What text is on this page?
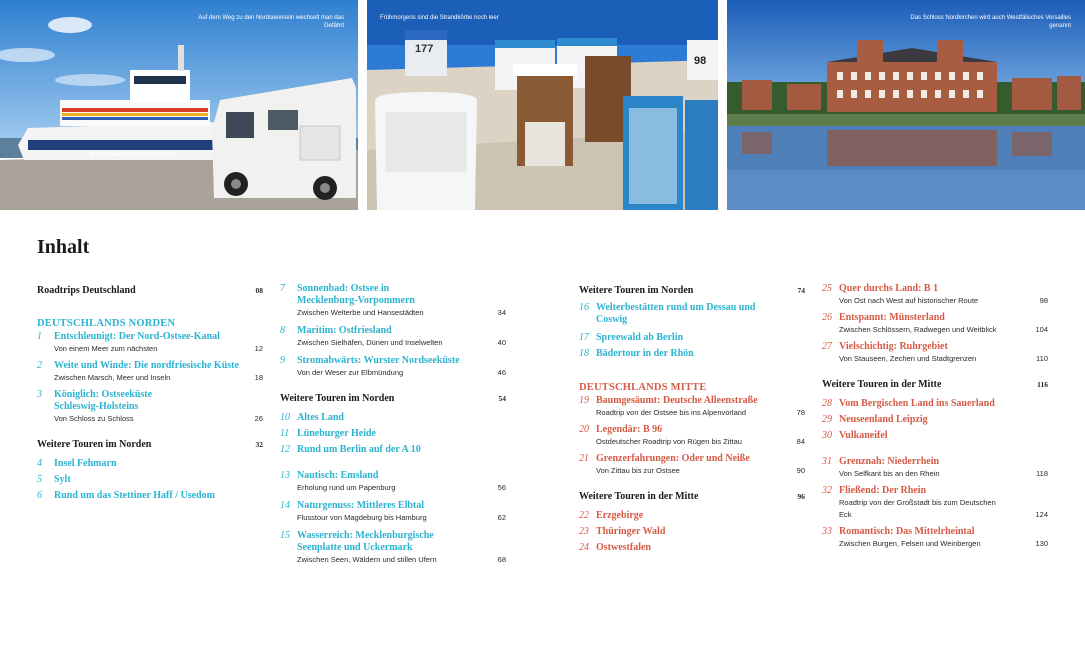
WYKER DAMPFSCHIFFS-REEDEREI
Auf dem Weg zu den Nordseeinseln wechselt man das Gefährt
177
98
Frühmorgens sind die Strandkörbe noch leer	Das Schloss Nordkirchen wird auch Westfälisches Versailles genannt
Inhalt
Roadtrips Deutschland	08
DEUTSCHLANDS NORDEN
1 Entschleunigt: Der Nord-Ostsee-Kanal
Von einem Meer zum nächsten	12
2 Weite und Winde: Die nordfriesische Küste
Zwischen Marsch, Meer und Inseln	18
3 Königlich: Ostseeküste Schleswig-Holsteins
Von Schloss zu Schloss	26
Weitere Touren im Norden	32
4 Insel Fehmarn
5 Sylt
6 Rund um das Stettiner Haff / Usedom
7 Sonnenbad: Ostsee in Mecklenburg-Vorpommern
Zwischen Welterbe und Hansestädten	34
8 Maritim: Ostfriesland
Zwischen Sielhäfen, Dünen und Inselwelten	40
9 Stromabwärts: Wurster Nordseeküste
Von der Weser zur Elbmündung	46
Weitere Touren im Norden	54
10 Altes Land
11 Lüneburger Heide
12 Rund um Berlin auf der A 10
13 Nautisch: Emsland
Erholung rund um Papenburg	56
14 Naturgenuss: Mittleres Elbtal
Flusstour von Magdeburg bis Hamburg	62
15 Wasserreich: Mecklenburgische Seenplatte und Uckermark
Zwischen Seen, Wäldern und stillen Ufern	68
Weitere Touren im Norden	74
16 Welterbestätten rund um Dessau und Coswig
17 Spreewald ab Berlin
18 Bädertour in der Rhön
DEUTSCHLANDS MITTE
19 Baumgesäumt: Deutsche Alleenstraße
Roadtrip von der Ostsee bis ins Alpenvorland	78
20 Legendär: B 96
Ostdeutscher Roadtrip von Rügen bis Zittau	84
21 Grenzerfahrungen: Oder und Neiße
Von Zittau bis zur Ostsee	90
Weitere Touren in der Mitte	96
22 Erzgebirge
23 Thüringer Wald
24 Ostwestfalen
25 Quer durchs Land: B 1
Von Ost nach West auf historischer Route	98
26 Entspannt: Münsterland
Zwischen Schlössern, Radwegen und Weitblick	104
27 Vielschichtig: Ruhrgebiet
Von Stauseen, Zechen und Stadtgrenzen	110
Weitere Touren in der Mitte	116
28 Vom Bergischen Land ins Sauerland
29 Neuseenland Leipzig
30 Vulkaneifel
31 Grenznah: Niederrhein
Von Selfkant bis an den Rhein	118
32 Fließend: Der Rhein
Roadtrip von der Großstadt bis zum Deutschen Eck	124
33 Romantisch: Das Mittelrheintal
Zwischen Burgen, Felsen und Weinbergen	130
